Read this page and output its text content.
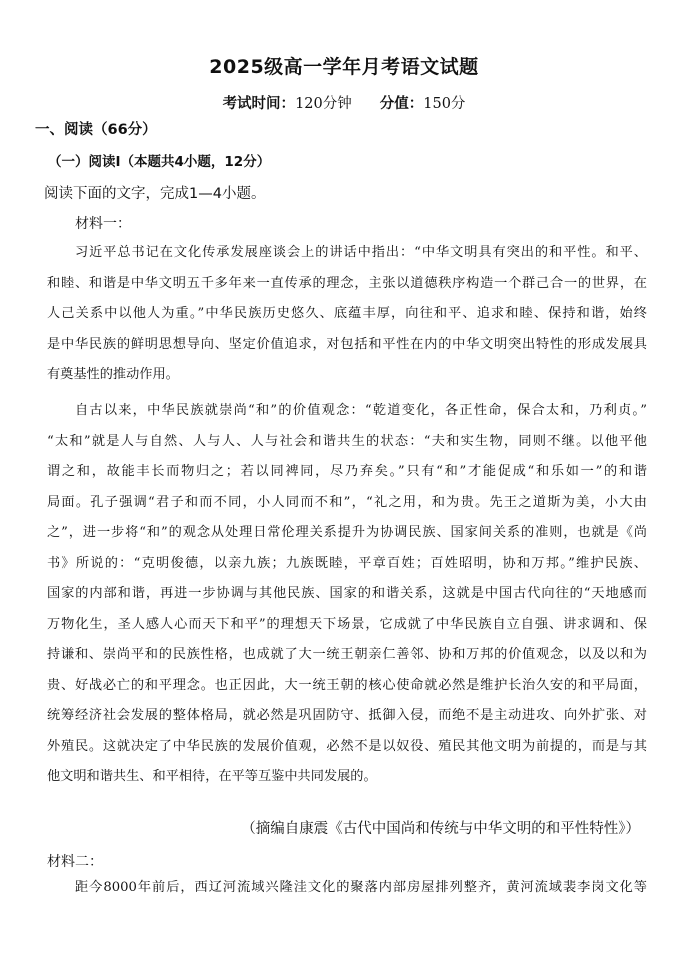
2025级高一学年月考语文试题
考试时间：120分钟 分值：150分
一、阅读（66分）
（一）阅读Ⅰ（本题共4小题，12分）
阅读下面的文字，完成1—4小题。
材料一：
习近平总书记在文化传承发展座谈会上的讲话中指出：“中华文明具有突出的和平性。和平、
和睦、和谐是中华文明五千多年来一直传承的理念，主张以道德秩序构造一个群己合一的世界，在
人己关系中以他人为重。”中华民族历史悠久、底蕴丰厚，向往和平、追求和睦、保持和谐，始终
是中华民族的鲜明思想导向、坚定价值追求，对包括和平性在内的中华文明突出特性的形成发展具
有奠基性的推动作用。
自古以来，中华民族就崇尚“和”的价值观念：“乾道变化，各正性命，保合太和，乃利贞。”
“太和”就是人与自然、人与人、人与社会和谐共生的状态：“夫和实生物，同则不继。以他平他
谓之和，故能丰长而物归之；若以同裨同，尽乃弃矣。”只有“和”才能促成“和乐如一”的和谐
局面。孔子强调“君子和而不同，小人同而不和”，“礼之用，和为贵。先王之道斯为美，小大由
之”，进一步将“和”的观念从处理日常伦理关系提升为协调民族、国家间关系的准则，也就是《尚
书》所说的：“克明俊德，以亲九族；九族既睦，平章百姓；百姓昭明，协和万邦。”维护民族、
国家的内部和谐，再进一步协调与其他民族、国家的和谐关系，这就是中国古代向往的“天地感而
万物化生，圣人感人心而天下和平”的理想天下场景，它成就了中华民族自立自强、讲求调和、保
持谦和、崇尚平和的民族性格，也成就了大一统王朝亲仁善邻、协和万邦的价值观念，以及以和为
贵、好战必亡的和平理念。也正因此，大一统王朝的核心使命就必然是维护长治久安的和平局面，
统筹经济社会发展的整体格局，就必然是巩固防守、抵御入侵，而绝不是主动进攻、向外扩张、对
外殖民。这就决定了中华民族的发展价值观，必然不是以奴役、殖民其他文明为前提的，而是与其
他文明和谐共生、和平相待，在平等互鉴中共同发展的。
（摘编自康震《古代中国尚和传统与中华文明的和平性特性》）
材料二：
距今8000年前后，西辽河流域兴隆洼文化的聚落内部房屋排列整齐，黄河流域裴李岗文化等
